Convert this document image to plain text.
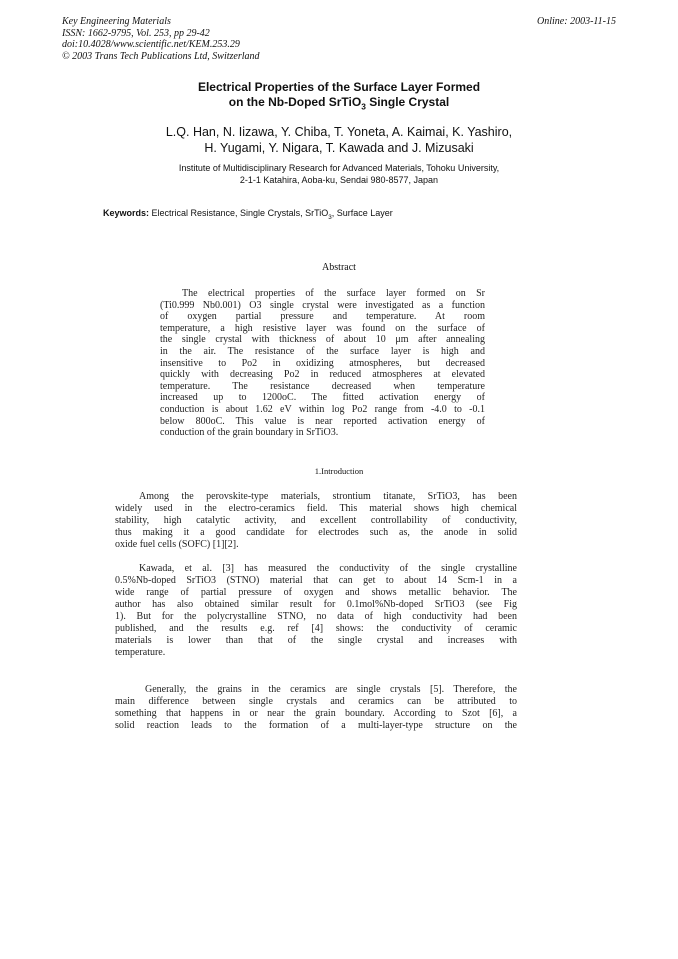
Key Engineering Materials
ISSN: 1662-9795, Vol. 253, pp 29-42
doi:10.4028/www.scientific.net/KEM.253.29
© 2003 Trans Tech Publications Ltd, Switzerland
Online: 2003-11-15
Electrical Properties of the Surface Layer Formed
on the Nb-Doped SrTiO$_3$ Single Crystal
L.Q. Han, N. Iizawa, Y. Chiba, T. Yoneta, A. Kaimai, K. Yashiro,
H. Yugami, Y. Nigara, T. Kawada and J. Mizusaki
Institute of Multidisciplinary Research for Advanced Materials, Tohoku University,
2-1-1 Katahira, Aoba-ku, Sendai 980-8577, Japan
Keywords: Electrical Resistance, Single Crystals, SrTiO$_3$, Surface Layer
Abstract
The electrical properties of the surface layer formed on Sr
(Ti0.999 Nb0.001) O3 single crystal were investigated as a function
of oxygen partial pressure and temperature. At room
temperature, a high resistive layer was found on the surface of
the single crystal with thickness of about 10 μm after annealing
in the air. The resistance of the surface layer is high and
insensitive to Po2 in oxidizing atmospheres, but decreased
quickly with decreasing Po2 in reduced atmospheres at elevated
temperature. The resistance decreased when temperature
increased up to 1200oC. The fitted activation energy of
conduction is about 1.62 eV within log Po2 range from -4.0 to -0.1
below 800oC. This value is near reported activation energy of
conduction of the grain boundary in SrTiO3.
1.Introduction
Among the perovskite-type materials, strontium titanate, SrTiO3, has been
widely used in the electro-ceramics field. This material shows high chemical
stability, high catalytic activity, and excellent controllability of conductivity,
thus making it a good candidate for electrodes such as, the anode in solid
oxide fuel cells (SOFC) [1][2].
Kawada, et al. [3] has measured the conductivity of the single crystalline
0.5%Nb-doped SrTiO3 (STNO) material that can get to about 14 Scm-1 in a
wide range of partial pressure of oxygen and shows metallic behavior. The
author has also obtained similar result for 0.1mol%Nb-doped SrTiO3 (see Fig
1). But for the polycrystalline STNO, no data of high conductivity had been
published, and the results e.g. ref [4] shows: the conductivity of ceramic
materials is lower than that of the single crystal and increases with
temperature.
Generally, the grains in the ceramics are single crystals [5]. Therefore, the
main difference between single crystals and ceramics can be attributed to
something that happens in or near the grain boundary. According to Szot [6], a
solid reaction leads to the formation of a multi-layer-type structure on the
